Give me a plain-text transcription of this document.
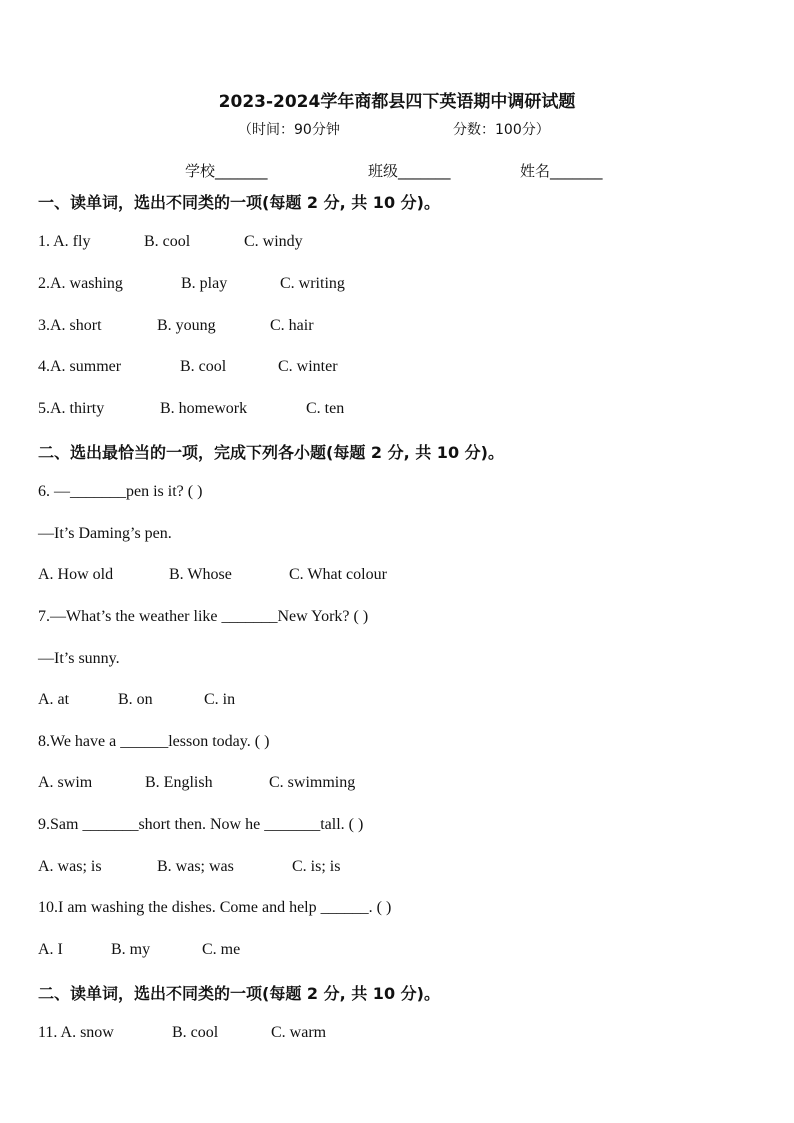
2023-2024学年商都县四下英语期中调研试题
（时间：90分钟	分数：100分）
学校_______	班级_______	姓名_______
一、读单词，选出不同类的一项(每题 2 分, 共 10 分)。
1. A. fly	B. cool	C. windy
2.A. washing	B. play	C. writing
3.A. short	B. young	C. hair
4.A. summer	B. cool	C. winter
5.A. thirty	B. homework	C. ten
二、选出最恰当的一项，完成下列各小题(每题 2 分, 共 10 分)。
6. —_______pen is it? ( )
—It’s Daming’s pen.
A. How old	B. Whose	C. What colour
7.—What’s the weather like _______New York? ( )
—It’s sunny.
A. at	B. on	C. in
8.We have a ______lesson today. ( )
A. swim	B. English	C. swimming
9.Sam _______short then. Now he _______tall. ( )
A. was; is	B. was; was	C. is; is
10.I am washing the dishes. Come and help ______. ( )
A. I	B. my	C. me
二、读单词，选出不同类的一项(每题 2 分, 共 10 分)。
11. A. snow	B. cool	C. warm
